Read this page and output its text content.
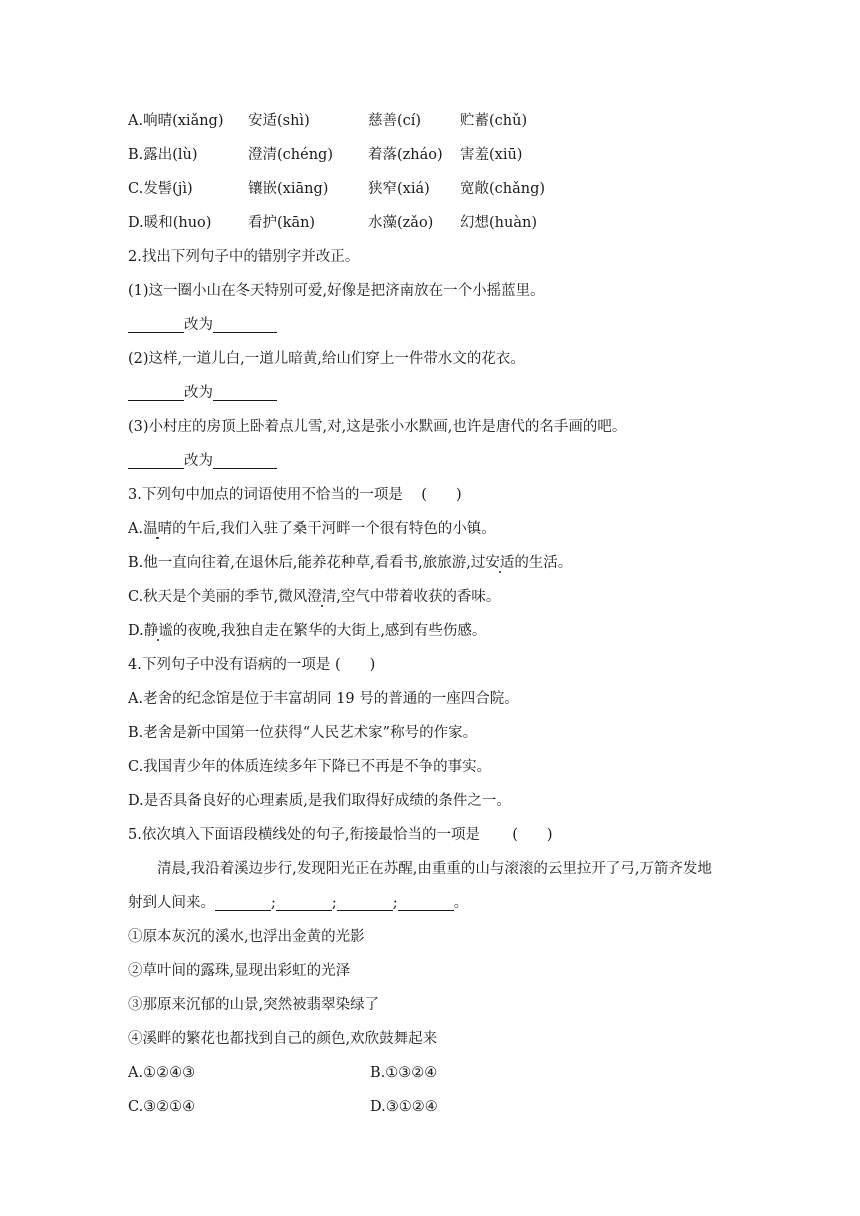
A.响晴(xiǎng)	安适(shì)	慈善(cí)	贮蓄(chǔ)
B.露出(lù)	澄清(chéng)	着落(zháo)	害羞(xiū)
C.发髻(jì)	镶嵌(xiāng)	狭窄(xiá)	宽敞(chǎng)
D.暖和(huo)	看护(kān)	水藻(zǎo)	幻想(huàn)
2.找出下列句子中的错别字并改正。
(1)这一圈小山在冬天特别可爱,好像是把济南放在一个小摇蓝里。
改为
(2)这样,一道儿白,一道儿暗黄,给山们穿上一件带水文的花衣。
改为
(3)小村庄的房顶上卧着点儿雪,对,这是张小水默画,也许是唐代的名手画的吧。
改为
3.下列句中加点的词语使用不恰当的一项是 (　　)
A.温晴的午后,我们入驻了桑干河畔一个很有特色的小镇。
B.他一直向往着,在退休后,能养花种草,看看书,旅旅游,过安适的生活。
C.秋天是个美丽的季节,微风澄清,空气中带着收获的香味。
D.静谧的夜晚,我独自走在繁华的大街上,感到有些伤感。
4.下列句子中没有语病的一项是 (　　)
A.老舍的纪念馆是位于丰富胡同 19 号的普通的一座四合院。
B.老舍是新中国第一位获得“人民艺术家”称号的作家。
C.我国青少年的体质连续多年下降已不再是不争的事实。
D.是否具备良好的心理素质,是我们取得好成绩的条件之一。
5.依次填入下面语段横线处的句子,衔接最恰当的一项是 (　　)
清晨,我沿着溪边步行,发现阳光正在苏醒,由重重的山与滚滚的云里拉开了弓,万箭齐发地
射到人间来。	;	;	;	。
①原本灰沉的溪水,也浮出金黄的光影
②草叶间的露珠,显现出彩虹的光泽
③那原来沉郁的山景,突然被翡翠染绿了
④溪畔的繁花也都找到自己的颜色,欢欣鼓舞起来
A.①②④③	B.①③②④
C.③②①④	D.③①②④
